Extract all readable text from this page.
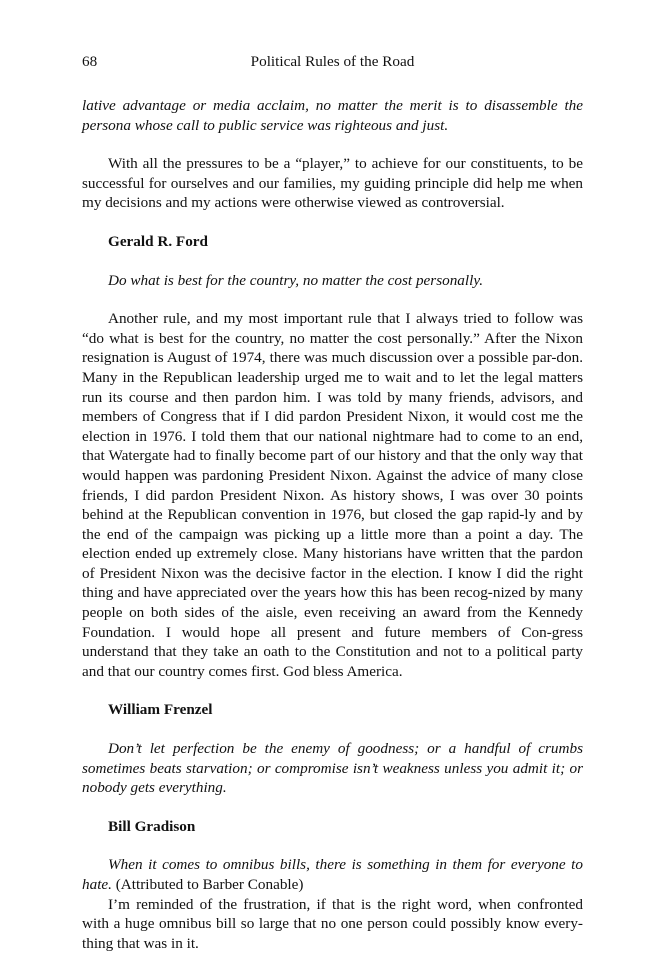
68	Political Rules of the Road

lative advantage or media acclaim, no matter the merit is to disassemble the persona whose call to public service was righteous and just.

With all the pressures to be a “player,” to achieve for our constituents, to be successful for ourselves and our families, my guiding principle did help me when my decisions and my actions were otherwise viewed as controversial.

Gerald R. Ford

Do what is best for the country, no matter the cost personally.

Another rule, and my most important rule that I always tried to follow was “do what is best for the country, no matter the cost personally.” After the Nixon resignation is August of 1974, there was much discussion over a possible par-don. Many in the Republican leadership urged me to wait and to let the legal matters run its course and then pardon him. I was told by many friends, advisors, and members of Congress that if I did pardon President Nixon, it would cost me the election in 1976. I told them that our national nightmare had to come to an end, that Watergate had to finally become part of our history and that the only way that would happen was pardoning President Nixon. Against the advice of many close friends, I did pardon President Nixon. As history shows, I was over 30 points behind at the Republican convention in 1976, but closed the gap rapid-ly and by the end of the campaign was picking up a little more than a point a day. The election ended up extremely close. Many historians have written that the pardon of President Nixon was the decisive factor in the election. I know I did the right thing and have appreciated over the years how this has been recog-nized by many people on both sides of the aisle, even receiving an award from the Kennedy Foundation. I would hope all present and future members of Con-gress understand that they take an oath to the Constitution and not to a political party and that our country comes first. God bless America.

William Frenzel

Don’t let perfection be the enemy of goodness; or a handful of crumbs sometimes beats starvation; or compromise isn’t weakness unless you admit it; or nobody gets everything.

Bill Gradison

When it comes to omnibus bills, there is something in them for everyone to hate. (Attributed to Barber Conable)

I’m reminded of the frustration, if that is the right word, when confronted with a huge omnibus bill so large that no one person could possibly know every-thing that was in it.
